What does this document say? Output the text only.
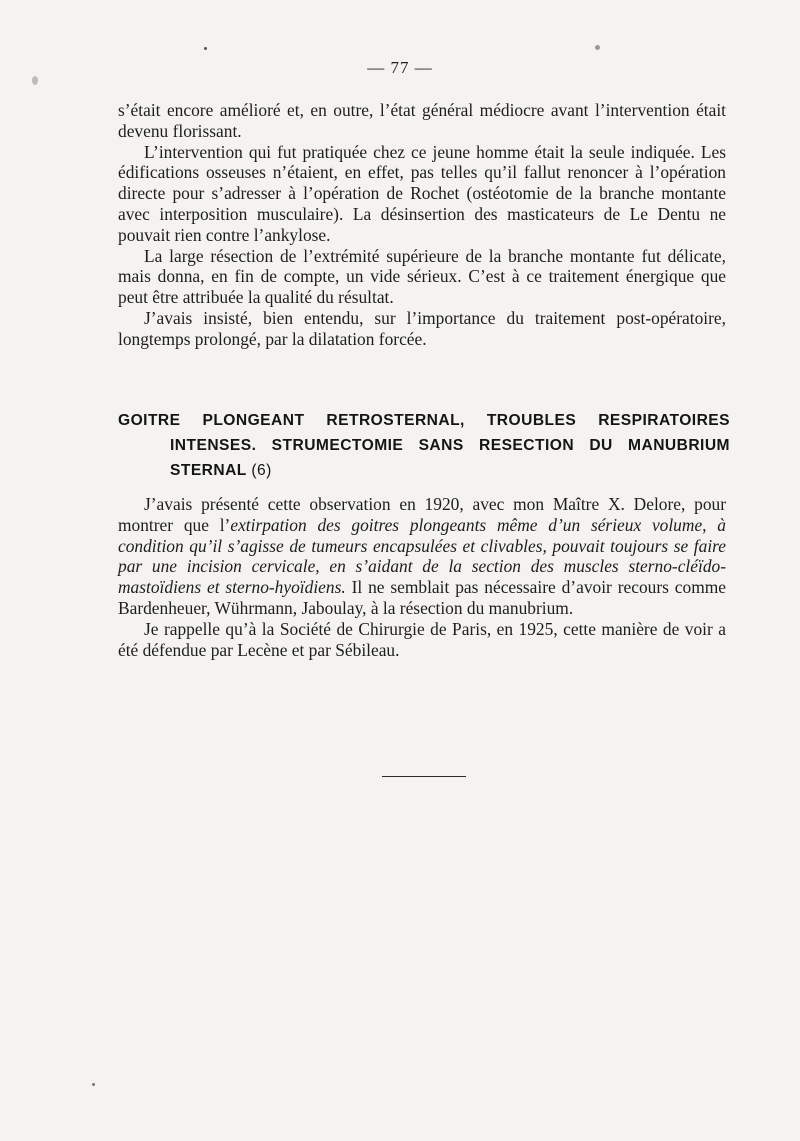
— 77 —

s’était encore amélioré et, en outre, l’état général médiocre avant l’intervention était devenu florissant.

L’intervention qui fut pratiquée chez ce jeune homme était la seule indiquée. Les édifications osseuses n’étaient, en effet, pas telles qu’il fallut renoncer à l’opération directe pour s’adresser à l’opération de Rochet (ostéotomie de la branche montante avec interposition musculaire). La désinsertion des masticateurs de Le Dentu ne pouvait rien contre l’ankylose.

La large résection de l’extrémité supérieure de la branche montante fut délicate, mais donna, en fin de compte, un vide sérieux. C’est à ce traitement énergique que peut être attribuée la qualité du résultat.

J’avais insisté, bien entendu, sur l’importance du traitement post-opératoire, longtemps prolongé, par la dilatation forcée.

GOITRE PLONGEANT RETROSTERNAL, TROUBLES RESPIRATOIRES INTENSES. STRUMECTOMIE SANS RESECTION DU MANUBRIUM STERNAL (6)

J’avais présenté cette observation en 1920, avec mon Maître X. Delore, pour montrer que l’extirpation des goitres plongeants même d’un sérieux volume, à condition qu’il s’agisse de tumeurs encapsulées et clivables, pouvait toujours se faire par une incision cervicale, en s’aidant de la section des muscles sterno-cléïdo-mastoïdiens et sterno-hyoïdiens. Il ne semblait pas nécessaire d’avoir recours comme Bardenheuer, Wührmann, Jaboulay, à la résection du manubrium.

Je rappelle qu’à la Société de Chirurgie de Paris, en 1925, cette manière de voir a été défendue par Lecène et par Sébileau.
